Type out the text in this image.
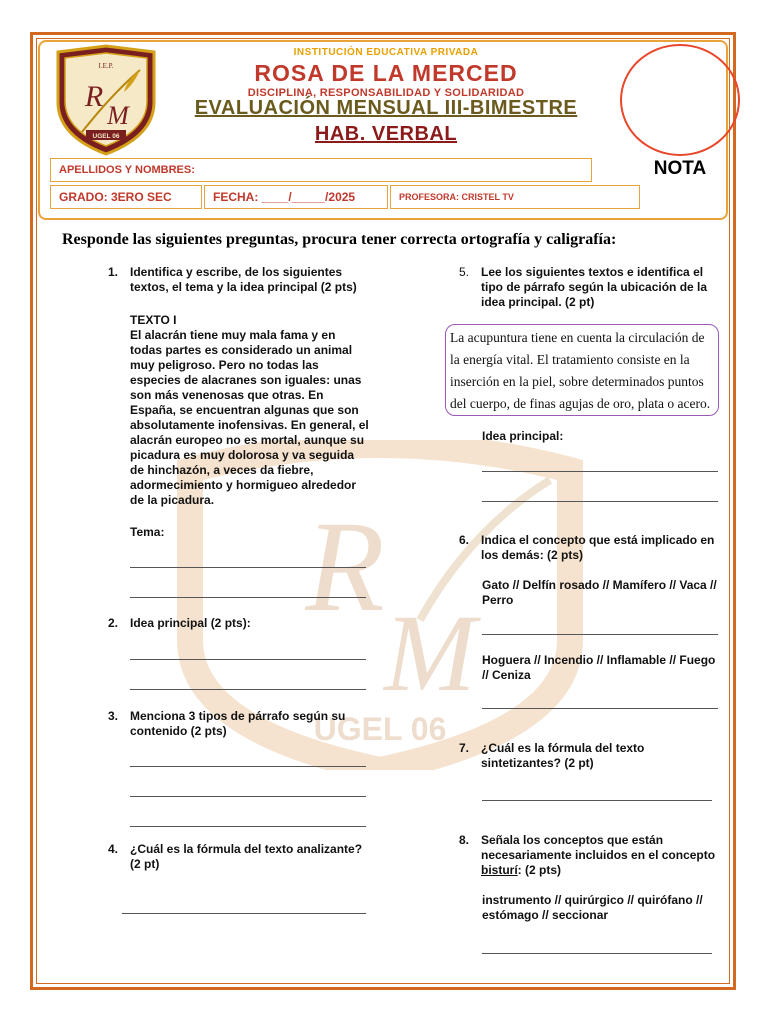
I.E.P.
R
M
UGEL 06
R
M
UGEL 06
NOTA
INSTITUCIÓN EDUCATIVA PRIVADA
ROSA DE LA MERCED
DISCIPLINA, RESPONSABILIDAD Y SOLIDARIDAD
EVALUACIÓN MENSUAL III-BIMESTRE
HAB. VERBAL
APELLIDOS Y NOMBRES:
GRADO: 3ERO SEC	FECHA: ____/_____/2025	PROFESORA: CRISTEL TV
Responde las siguientes preguntas, procura tener correcta ortografía y caligrafía:
1. Identifica y escribe, de los siguientes textos, el tema y la idea principal (2 pts)
TEXTO I
El alacrán tiene muy mala fama y en todas partes es considerado un animal muy peligroso. Pero no todas las especies de alacranes son iguales: unas son más venenosas que otras. En España, se encuentran algunas que son absolutamente inofensivas. En general, el alacrán europeo no es mortal, aunque su picadura es muy dolorosa y va seguida de hinchazón, a veces da fiebre, adormecimiento y hormigueo alrededor de la picadura.
Tema:
2. Idea principal (2 pts):
3. Menciona 3 tipos de párrafo según su contenido (2 pts)
4. ¿Cuál es la fórmula del texto analizante? (2 pt)
5. Lee los siguientes textos e identifica el tipo de párrafo según la ubicación de la idea principal. (2 pt)
La acupuntura tiene en cuenta la circulación de la energía vital. El tratamiento consiste en la inserción en la piel, sobre determinados puntos del cuerpo, de finas agujas de oro, plata o acero.
Idea principal:
6. Indica el concepto que está implicado en los demás: (2 pts)
Gato // Delfín rosado // Mamífero // Vaca // Perro
Hoguera // Incendio // Inflamable // Fuego // Ceniza
7. ¿Cuál es la fórmula del texto sintetizantes? (2 pt)
8. Señala los conceptos que están necesariamente incluidos en el concepto bisturí: (2 pts)
instrumento // quirúrgico // quirófano // estómago // seccionar
